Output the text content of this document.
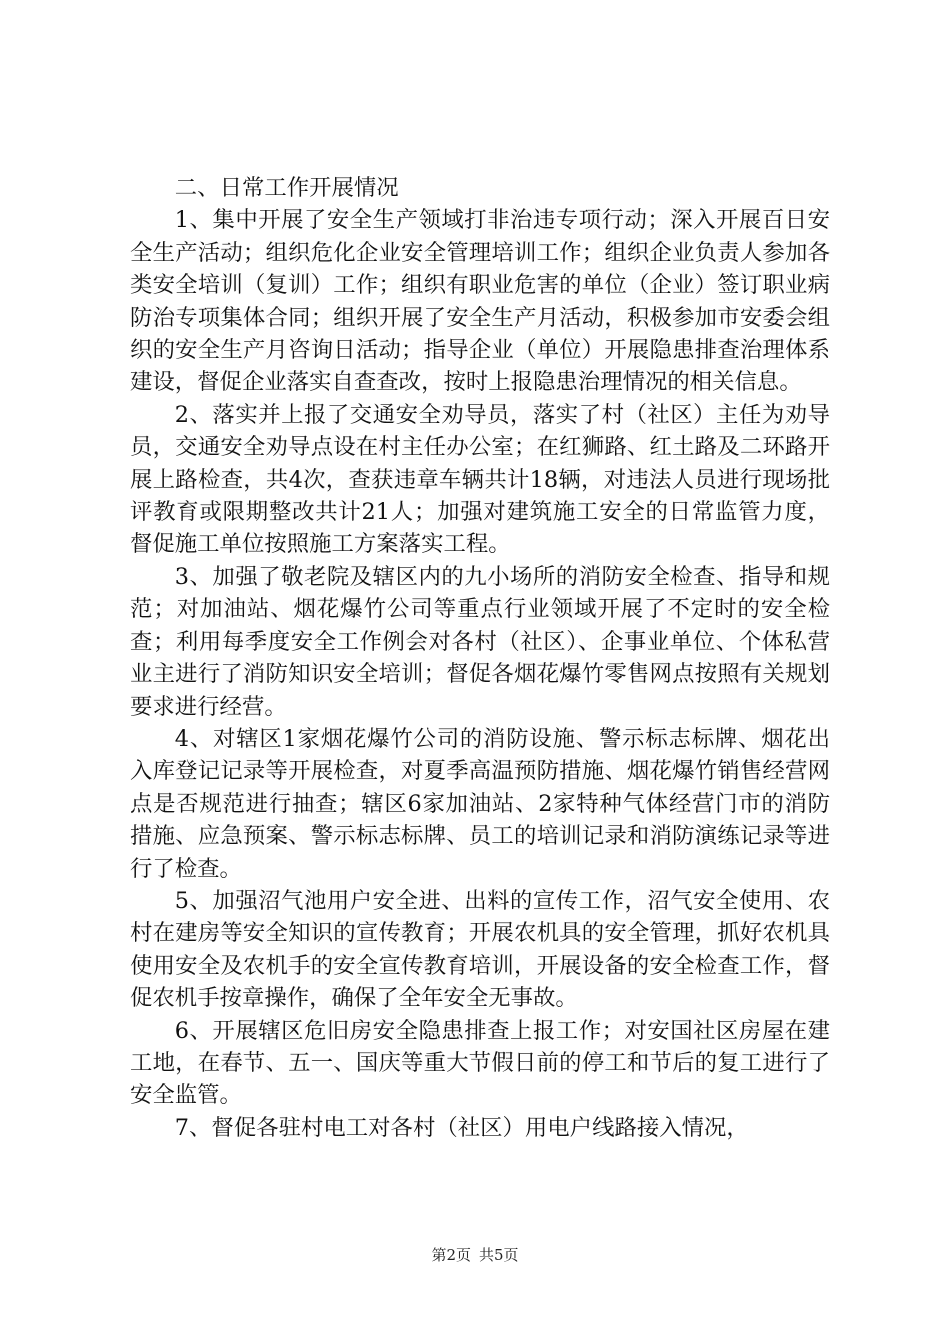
二、日常工作开展情况

1、集中开展了安全生产领域打非治违专项行动；深入开展百日安全生产活动；组织危化企业安全管理培训工作；组织企业负责人参加各类安全培训（复训）工作；组织有职业危害的单位（企业）签订职业病防治专项集体合同；组织开展了安全生产月活动，积极参加市安委会组织的安全生产月咨询日活动；指导企业（单位）开展隐患排查治理体系建设，督促企业落实自查查改，按时上报隐患治理情况的相关信息。

2、落实并上报了交通安全劝导员，落实了村（社区）主任为劝导员，交通安全劝导点设在村主任办公室；在红狮路、红土路及二环路开展上路检查，共4次，查获违章车辆共计18辆，对违法人员进行现场批评教育或限期整改共计21人；加强对建筑施工安全的日常监管力度，督促施工单位按照施工方案落实工程。

3、加强了敬老院及辖区内的九小场所的消防安全检查、指导和规范；对加油站、烟花爆竹公司等重点行业领域开展了不定时的安全检查；利用每季度安全工作例会对各村（社区）、企事业单位、个体私营业主进行了消防知识安全培训；督促各烟花爆竹零售网点按照有关规划要求进行经营。

4、对辖区1家烟花爆竹公司的消防设施、警示标志标牌、烟花出入库登记记录等开展检查，对夏季高温预防措施、烟花爆竹销售经营网点是否规范进行抽查；辖区6家加油站、2家特种气体经营门市的消防措施、应急预案、警示标志标牌、员工的培训记录和消防演练记录等进行了检查。

5、加强沼气池用户安全进、出料的宣传工作，沼气安全使用、农村在建房等安全知识的宣传教育；开展农机具的安全管理，抓好农机具使用安全及农机手的安全宣传教育培训，开展设备的安全检查工作，督促农机手按章操作，确保了全年安全无事故。

6、开展辖区危旧房安全隐患排查上报工作；对安国社区房屋在建工地，在春节、五一、国庆等重大节假日前的停工和节后的复工进行了安全监管。

7、督促各驻村电工对各村（社区）用电户线路接入情况，

第2页 共5页
